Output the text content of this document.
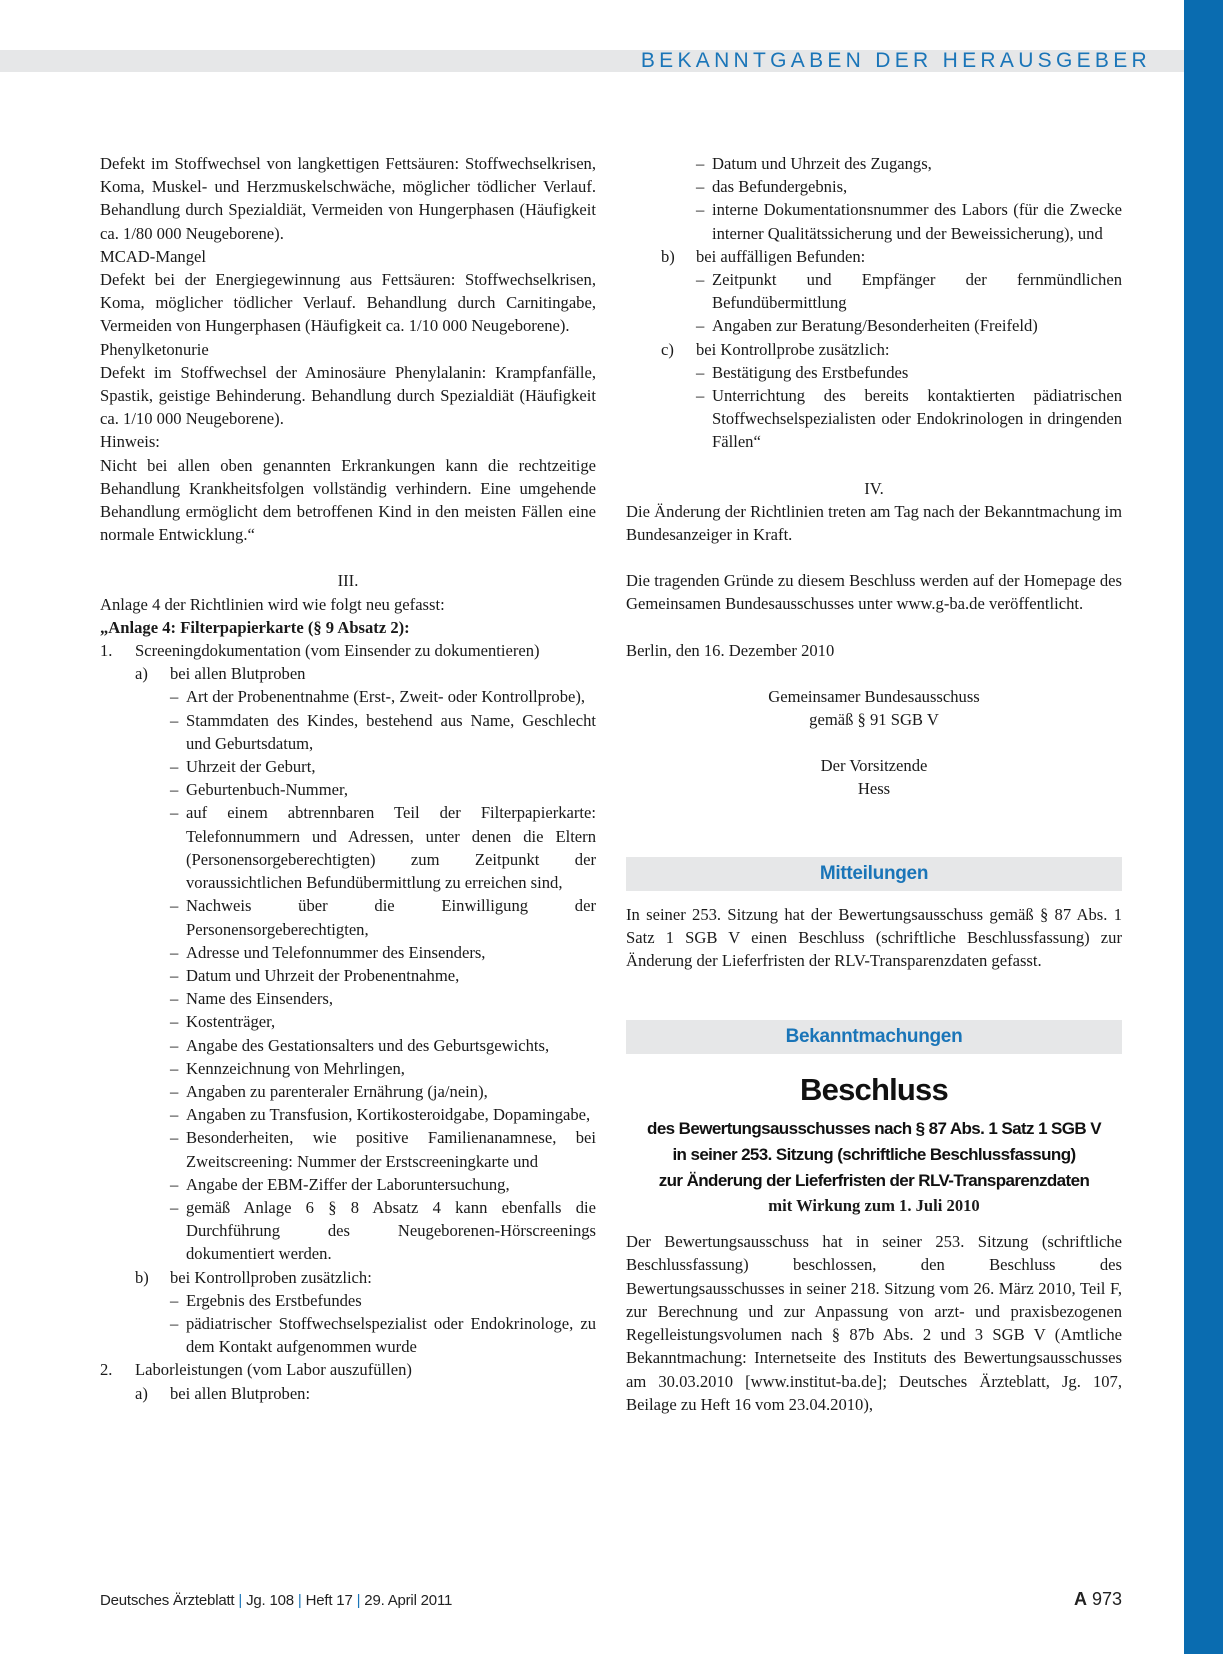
BEKANNTGABEN DER HERAUSGEBER

Defekt im Stoffwechsel von langkettigen Fettsäuren: Stoffwechselkrisen, Koma, Muskel- und Herzmuskelschwäche, möglicher tödlicher Verlauf. Behandlung durch Spezialdiät, Vermeiden von Hungerphasen (Häufigkeit ca. 1/80 000 Neugeborene).

MCAD-Mangel

Defekt bei der Energiegewinnung aus Fettsäuren: Stoffwechselkrisen, Koma, möglicher tödlicher Verlauf. Behandlung durch Carnitingabe, Vermeiden von Hungerphasen (Häufigkeit ca. 1/10 000 Neugeborene).

Phenylketonurie

Defekt im Stoffwechsel der Aminosäure Phenylalanin: Krampfanfälle, Spastik, geistige Behinderung. Behandlung durch Spezialdiät (Häufigkeit ca. 1/10 000 Neugeborene).

Hinweis:

Nicht bei allen oben genannten Erkrankungen kann die rechtzeitige Behandlung Krankheitsfolgen vollständig verhindern. Eine umgehende Behandlung ermöglicht dem betroffenen Kind in den meisten Fällen eine normale Entwicklung.“

III.

Anlage 4 der Richtlinien wird wie folgt neu gefasst:

„Anlage 4: Filterpapierkarte (§ 9 Absatz 2):

1.	Screeningdokumentation (vom Einsender zu dokumentieren)
a)	bei allen Blutproben
– Art der Probenentnahme (Erst-, Zweit- oder Kontrollprobe),
– Stammdaten des Kindes, bestehend aus Name, Geschlecht und Geburtsdatum,
– Uhrzeit der Geburt,
– Geburtenbuch-Nummer,
– auf einem abtrennbaren Teil der Filterpapierkarte: Telefonnummern und Adressen, unter denen die Eltern (Personensorgeberechtigten) zum Zeitpunkt der voraussichtlichen Befundübermittlung zu erreichen sind,
– Nachweis über die Einwilligung der Personensorgeberechtigten,
– Adresse und Telefonnummer des Einsenders,
– Datum und Uhrzeit der Probenentnahme,
– Name des Einsenders,
– Kostenträger,
– Angabe des Gestationsalters und des Geburtsgewichts,
– Kennzeichnung von Mehrlingen,
– Angaben zu parenteraler Ernährung (ja/nein),
– Angaben zu Transfusion, Kortikosteroidgabe, Dopamingabe,
– Besonderheiten, wie positive Familienanamnese, bei Zweitscreening: Nummer der Erstscreeningkarte und
– Angabe der EBM-Ziffer der Laboruntersuchung,
– gemäß Anlage 6 § 8 Absatz 4 kann ebenfalls die Durchführung des Neugeborenen-Hörscreenings dokumentiert werden.
b)	bei Kontrollproben zusätzlich:
– Ergebnis des Erstbefundes
– pädiatrischer Stoffwechselspezialist oder Endokrinologe, zu dem Kontakt aufgenommen wurde
2.	Laborleistungen (vom Labor auszufüllen)
a)	bei allen Blutproben:
– Datum und Uhrzeit des Zugangs,
– das Befundergebnis,
– interne Dokumentationsnummer des Labors (für die Zwecke interner Qualitätssicherung und der Beweissicherung), und
b)	bei auffälligen Befunden:
– Zeitpunkt und Empfänger der fernmündlichen Befundübermittlung
– Angaben zur Beratung/Besonderheiten (Freifeld)
c)	bei Kontrollprobe zusätzlich:
– Bestätigung des Erstbefundes
– Unterrichtung des bereits kontaktierten pädiatrischen Stoffwechselspezialisten oder Endokrinologen in dringenden Fällen“

IV.

Die Änderung der Richtlinien treten am Tag nach der Bekanntmachung im Bundesanzeiger in Kraft.

Die tragenden Gründe zu diesem Beschluss werden auf der Homepage des Gemeinsamen Bundesausschusses unter www.g-ba.de veröffentlicht.

Berlin, den 16. Dezember 2010

Gemeinsamer Bundesausschuss

gemäß § 91 SGB V

Der Vorsitzende

Hess

Mitteilungen

In seiner 253. Sitzung hat der Bewertungsausschuss gemäß § 87 Abs. 1 Satz 1 SGB V einen Beschluss (schriftliche Beschlussfassung) zur Änderung der Lieferfristen der RLV-Transparenzdaten gefasst.

Bekanntmachungen
Beschluss
des Bewertungsausschusses nach § 87 Abs. 1 Satz 1 SGB V
in seiner 253. Sitzung (schriftliche Beschlussfassung)
zur Änderung der Lieferfristen der RLV-Transparenzdaten
mit Wirkung zum 1. Juli 2010

Der Bewertungsausschuss hat in seiner 253. Sitzung (schriftliche Beschlussfassung) beschlossen, den Beschluss des Bewertungsausschusses in seiner 218. Sitzung vom 26. März 2010, Teil F, zur Berechnung und zur Anpassung von arzt- und praxisbezogenen Regelleistungsvolumen nach § 87b Abs. 2 und 3 SGB V (Amtliche Bekanntmachung: Internetseite des Instituts des Bewertungsausschusses am 30.03.2010 [www.institut-ba.de]; Deutsches Ärzteblatt, Jg. 107, Beilage zu Heft 16 vom 23.04.2010),

Deutsches Ärzteblatt | Jg. 108 | Heft 17 | 29. April 2011	A 973
